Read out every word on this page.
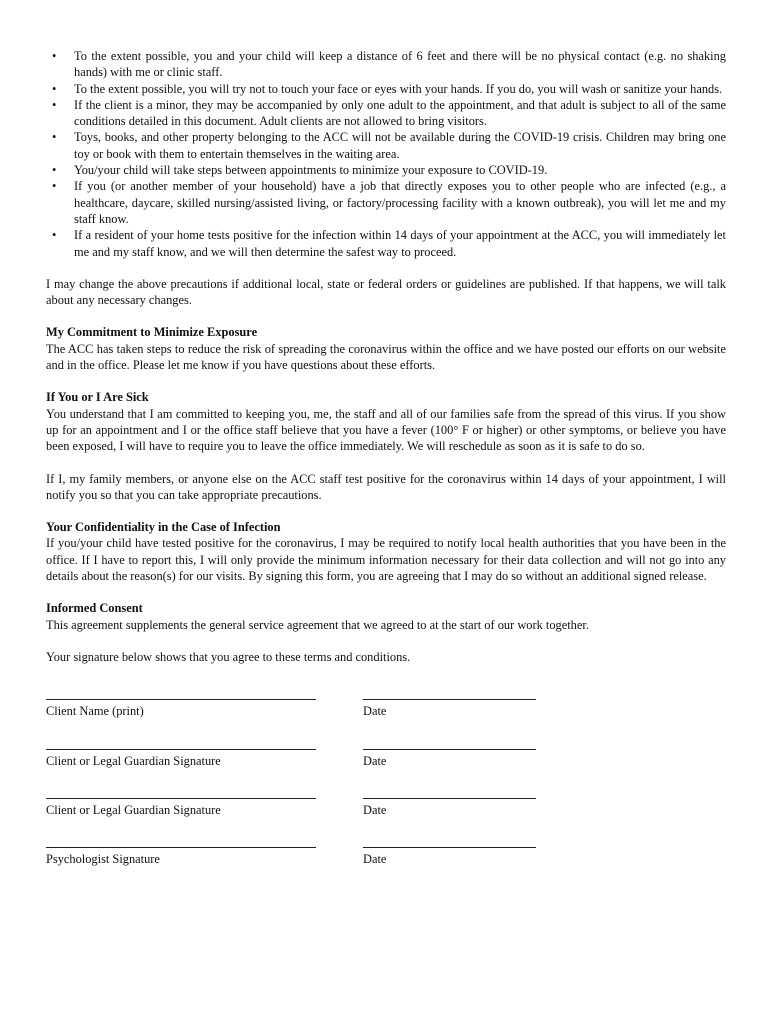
• To the extent possible, you and your child will keep a distance of 6 feet and there will be no physical contact (e.g. no shaking hands) with me or clinic staff.
• To the extent possible, you will try not to touch your face or eyes with your hands. If you do, you will wash or sanitize your hands.
• If the client is a minor, they may be accompanied by only one adult to the appointment, and that adult is subject to all of the same conditions detailed in this document. Adult clients are not allowed to bring visitors.
• Toys, books, and other property belonging to the ACC will not be available during the COVID-19 crisis. Children may bring one toy or book with them to entertain themselves in the waiting area.
• You/your child will take steps between appointments to minimize your exposure to COVID-19.
• If you (or another member of your household) have a job that directly exposes you to other people who are infected (e.g., a healthcare, daycare, skilled nursing/assisted living, or factory/processing facility with a known outbreak), you will let me and my staff know.
• If a resident of your home tests positive for the infection within 14 days of your appointment at the ACC, you will immediately let me and my staff know, and we will then determine the safest way to proceed.

I may change the above precautions if additional local, state or federal orders or guidelines are published. If that happens, we will talk about any necessary changes.

My Commitment to Minimize Exposure

The ACC has taken steps to reduce the risk of spreading the coronavirus within the office and we have posted our efforts on our website and in the office. Please let me know if you have questions about these efforts.

If You or I Are Sick

You understand that I am committed to keeping you, me, the staff and all of our families safe from the spread of this virus. If you show up for an appointment and I or the office staff believe that you have a fever (100° F or higher) or other symptoms, or believe you have been exposed, I will have to require you to leave the office immediately. We will reschedule as soon as it is safe to do so.

If I, my family members, or anyone else on the ACC staff test positive for the coronavirus within 14 days of your appointment, I will notify you so that you can take appropriate precautions.

Your Confidentiality in the Case of Infection

If you/your child have tested positive for the coronavirus, I may be required to notify local health authorities that you have been in the office. If I have to report this, I will only provide the minimum information necessary for their data collection and will not go into any details about the reason(s) for our visits. By signing this form, you are agreeing that I may do so without an additional signed release.

Informed Consent

This agreement supplements the general service agreement that we agreed to at the start of our work together.

Your signature below shows that you agree to these terms and conditions.

Client Name (print)	Date
Client or Legal Guardian Signature	Date
Client or Legal Guardian Signature	Date
Psychologist Signature	Date
